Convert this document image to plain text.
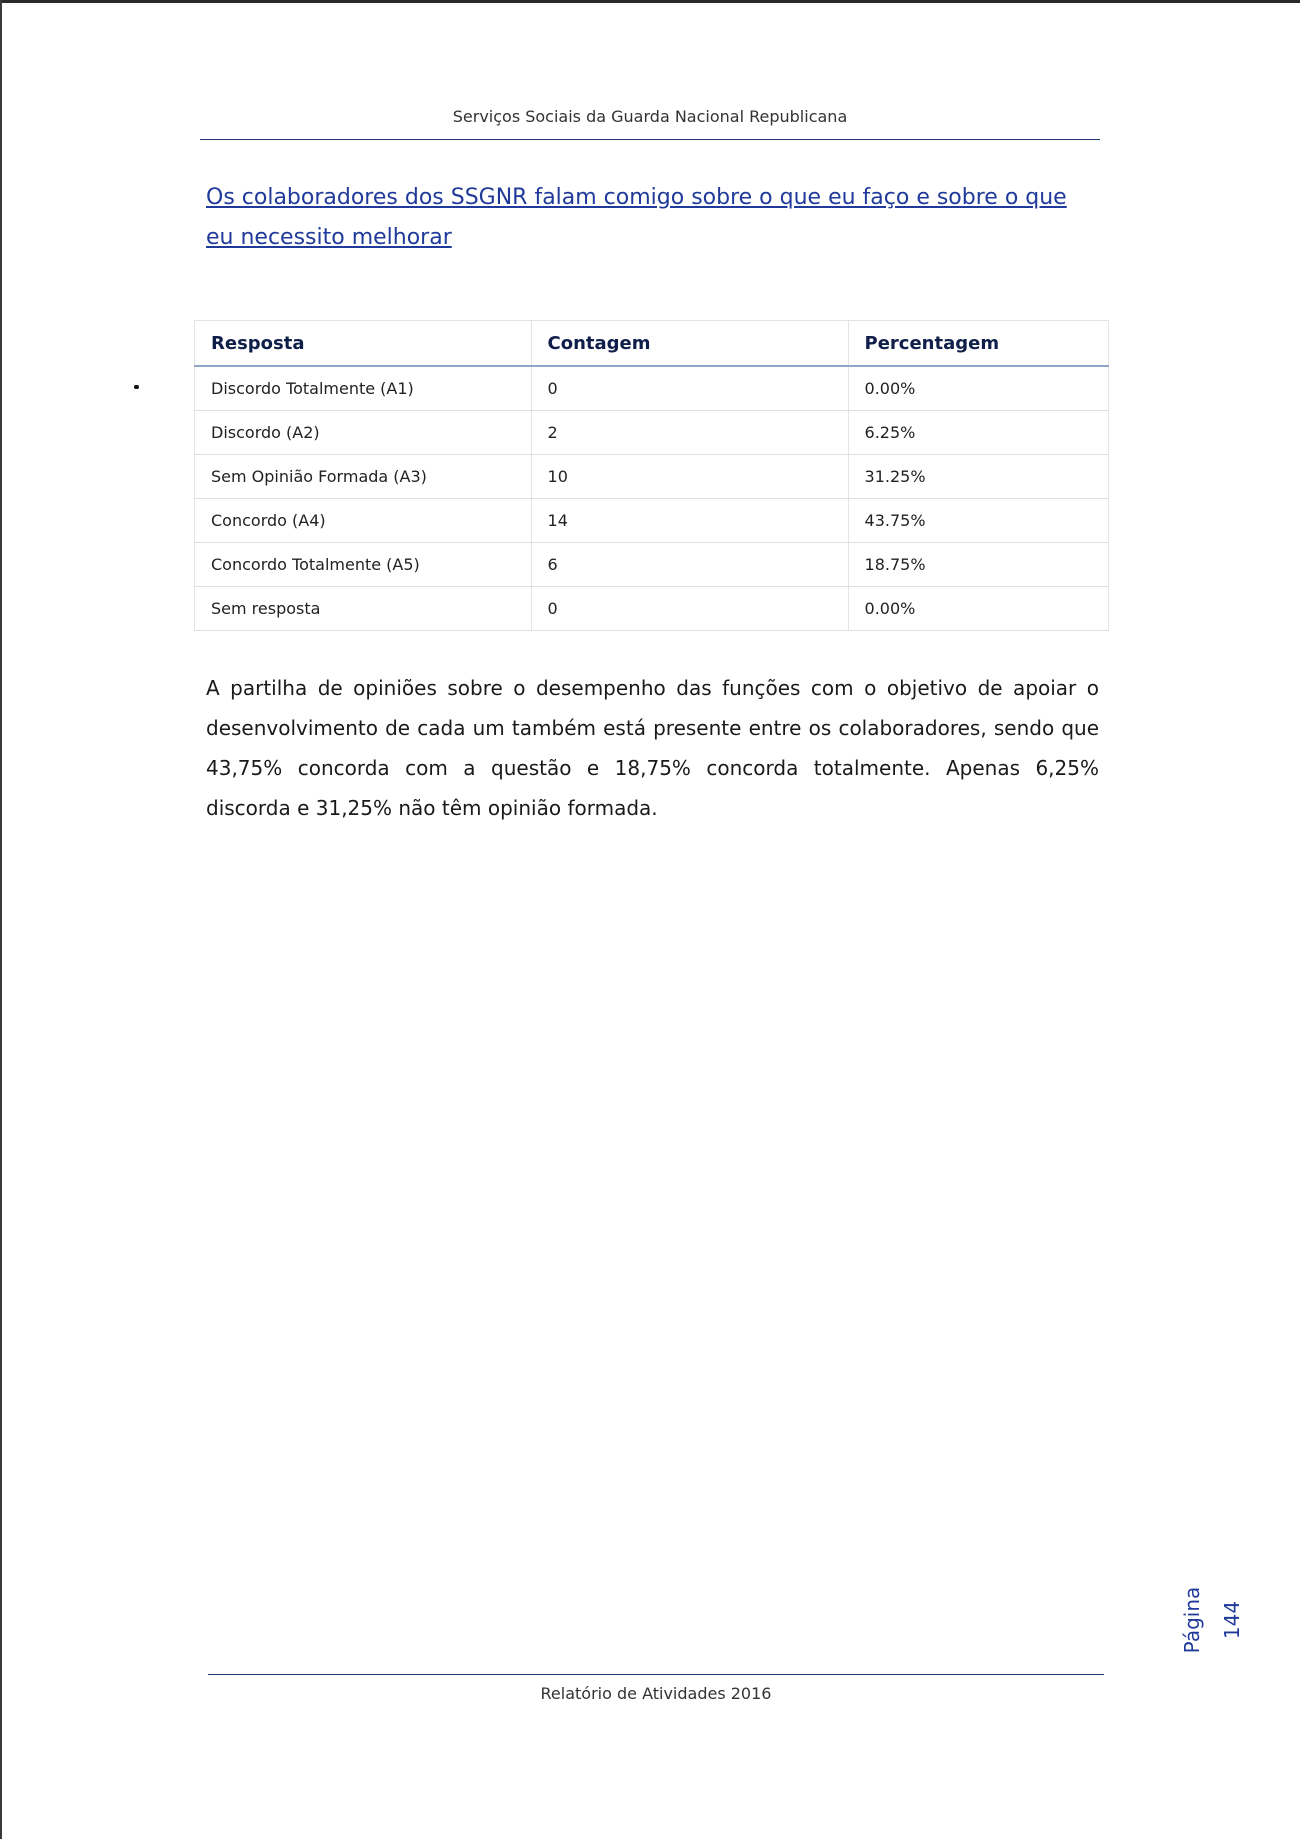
Serviços Sociais da Guarda Nacional Republicana
Os colaboradores dos SSGNR falam comigo sobre o que eu faço e sobre o que eu necessito melhorar
Resposta	Contagem	Percentagem
Discordo Totalmente (A1)	0	0.00%
Discordo (A2)	2	6.25%
Sem Opinião Formada (A3)	10	31.25%
Concordo (A4)	14	43.75%
Concordo Totalmente (A5)	6	18.75%
Sem resposta	0	0.00%
A partilha de opiniões sobre o desempenho das funções com o objetivo de apoiar o desenvolvimento de cada um também está presente entre os colaboradores, sendo que 43,75% concorda com a questão e 18,75% concorda totalmente. Apenas 6,25% discorda e 31,25% não têm opinião formada.
Página 144
Relatório de Atividades 2016
